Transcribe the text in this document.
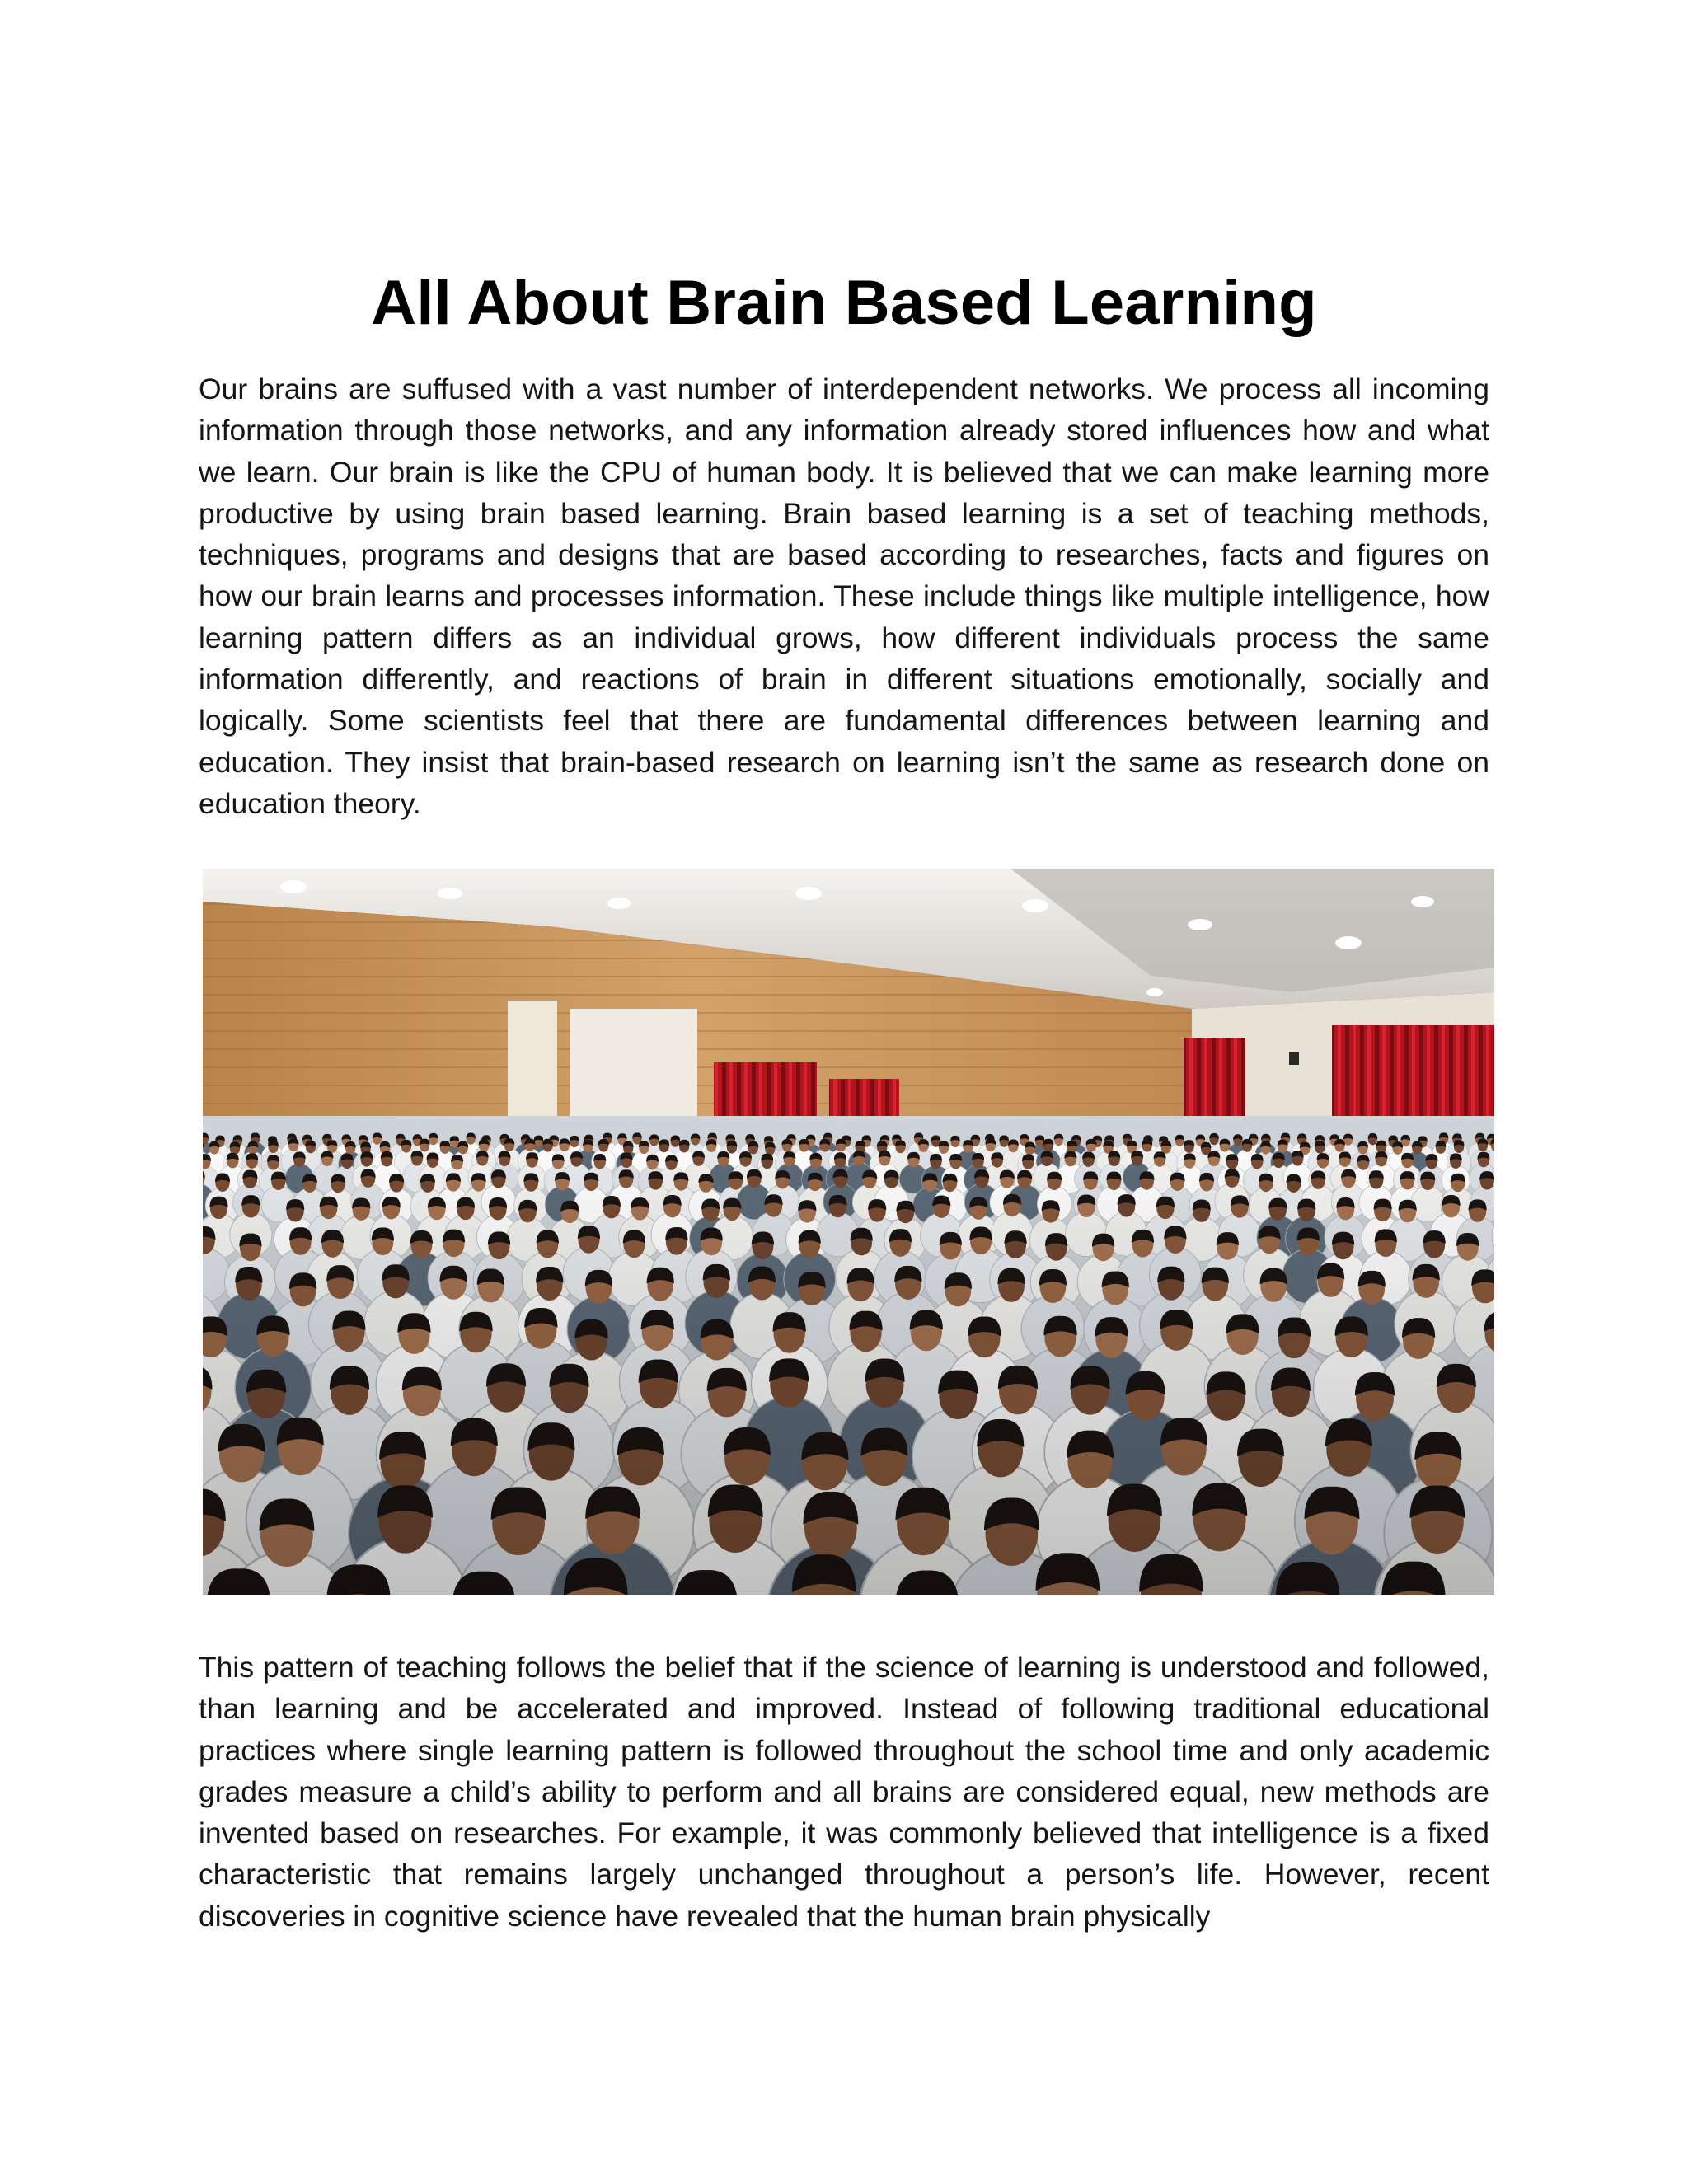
All About Brain Based Learning

Our brains are suffused with a vast number of interdependent networks. We process all incoming information through those networks, and any information already stored influences how and what we learn. Our brain is like the CPU of human body. It is believed that we can make learning more productive by using brain based learning. Brain based learning is a set of teaching methods, techniques, programs and designs that are based according to researches, facts and figures on how our brain learns and processes information. These include things like multiple intelligence, how learning pattern differs as an individual grows, how different individuals process the same information differently, and reactions of brain in different situations emotionally, socially and logically. Some scientists feel that there are fundamental differences between learning and education. They insist that brain-based research on learning isn’t the same as research done on education theory.

This pattern of teaching follows the belief that if the science of learning is understood and followed, than learning and be accelerated and improved. Instead of following traditional educational practices where single learning pattern is followed throughout the school time and only academic grades measure a child’s ability to perform and all brains are considered equal, new methods are invented based on researches. For example, it was commonly believed that intelligence is a fixed characteristic that remains largely unchanged throughout a person’s life. However, recent discoveries in cognitive science have revealed that the human brain physically
